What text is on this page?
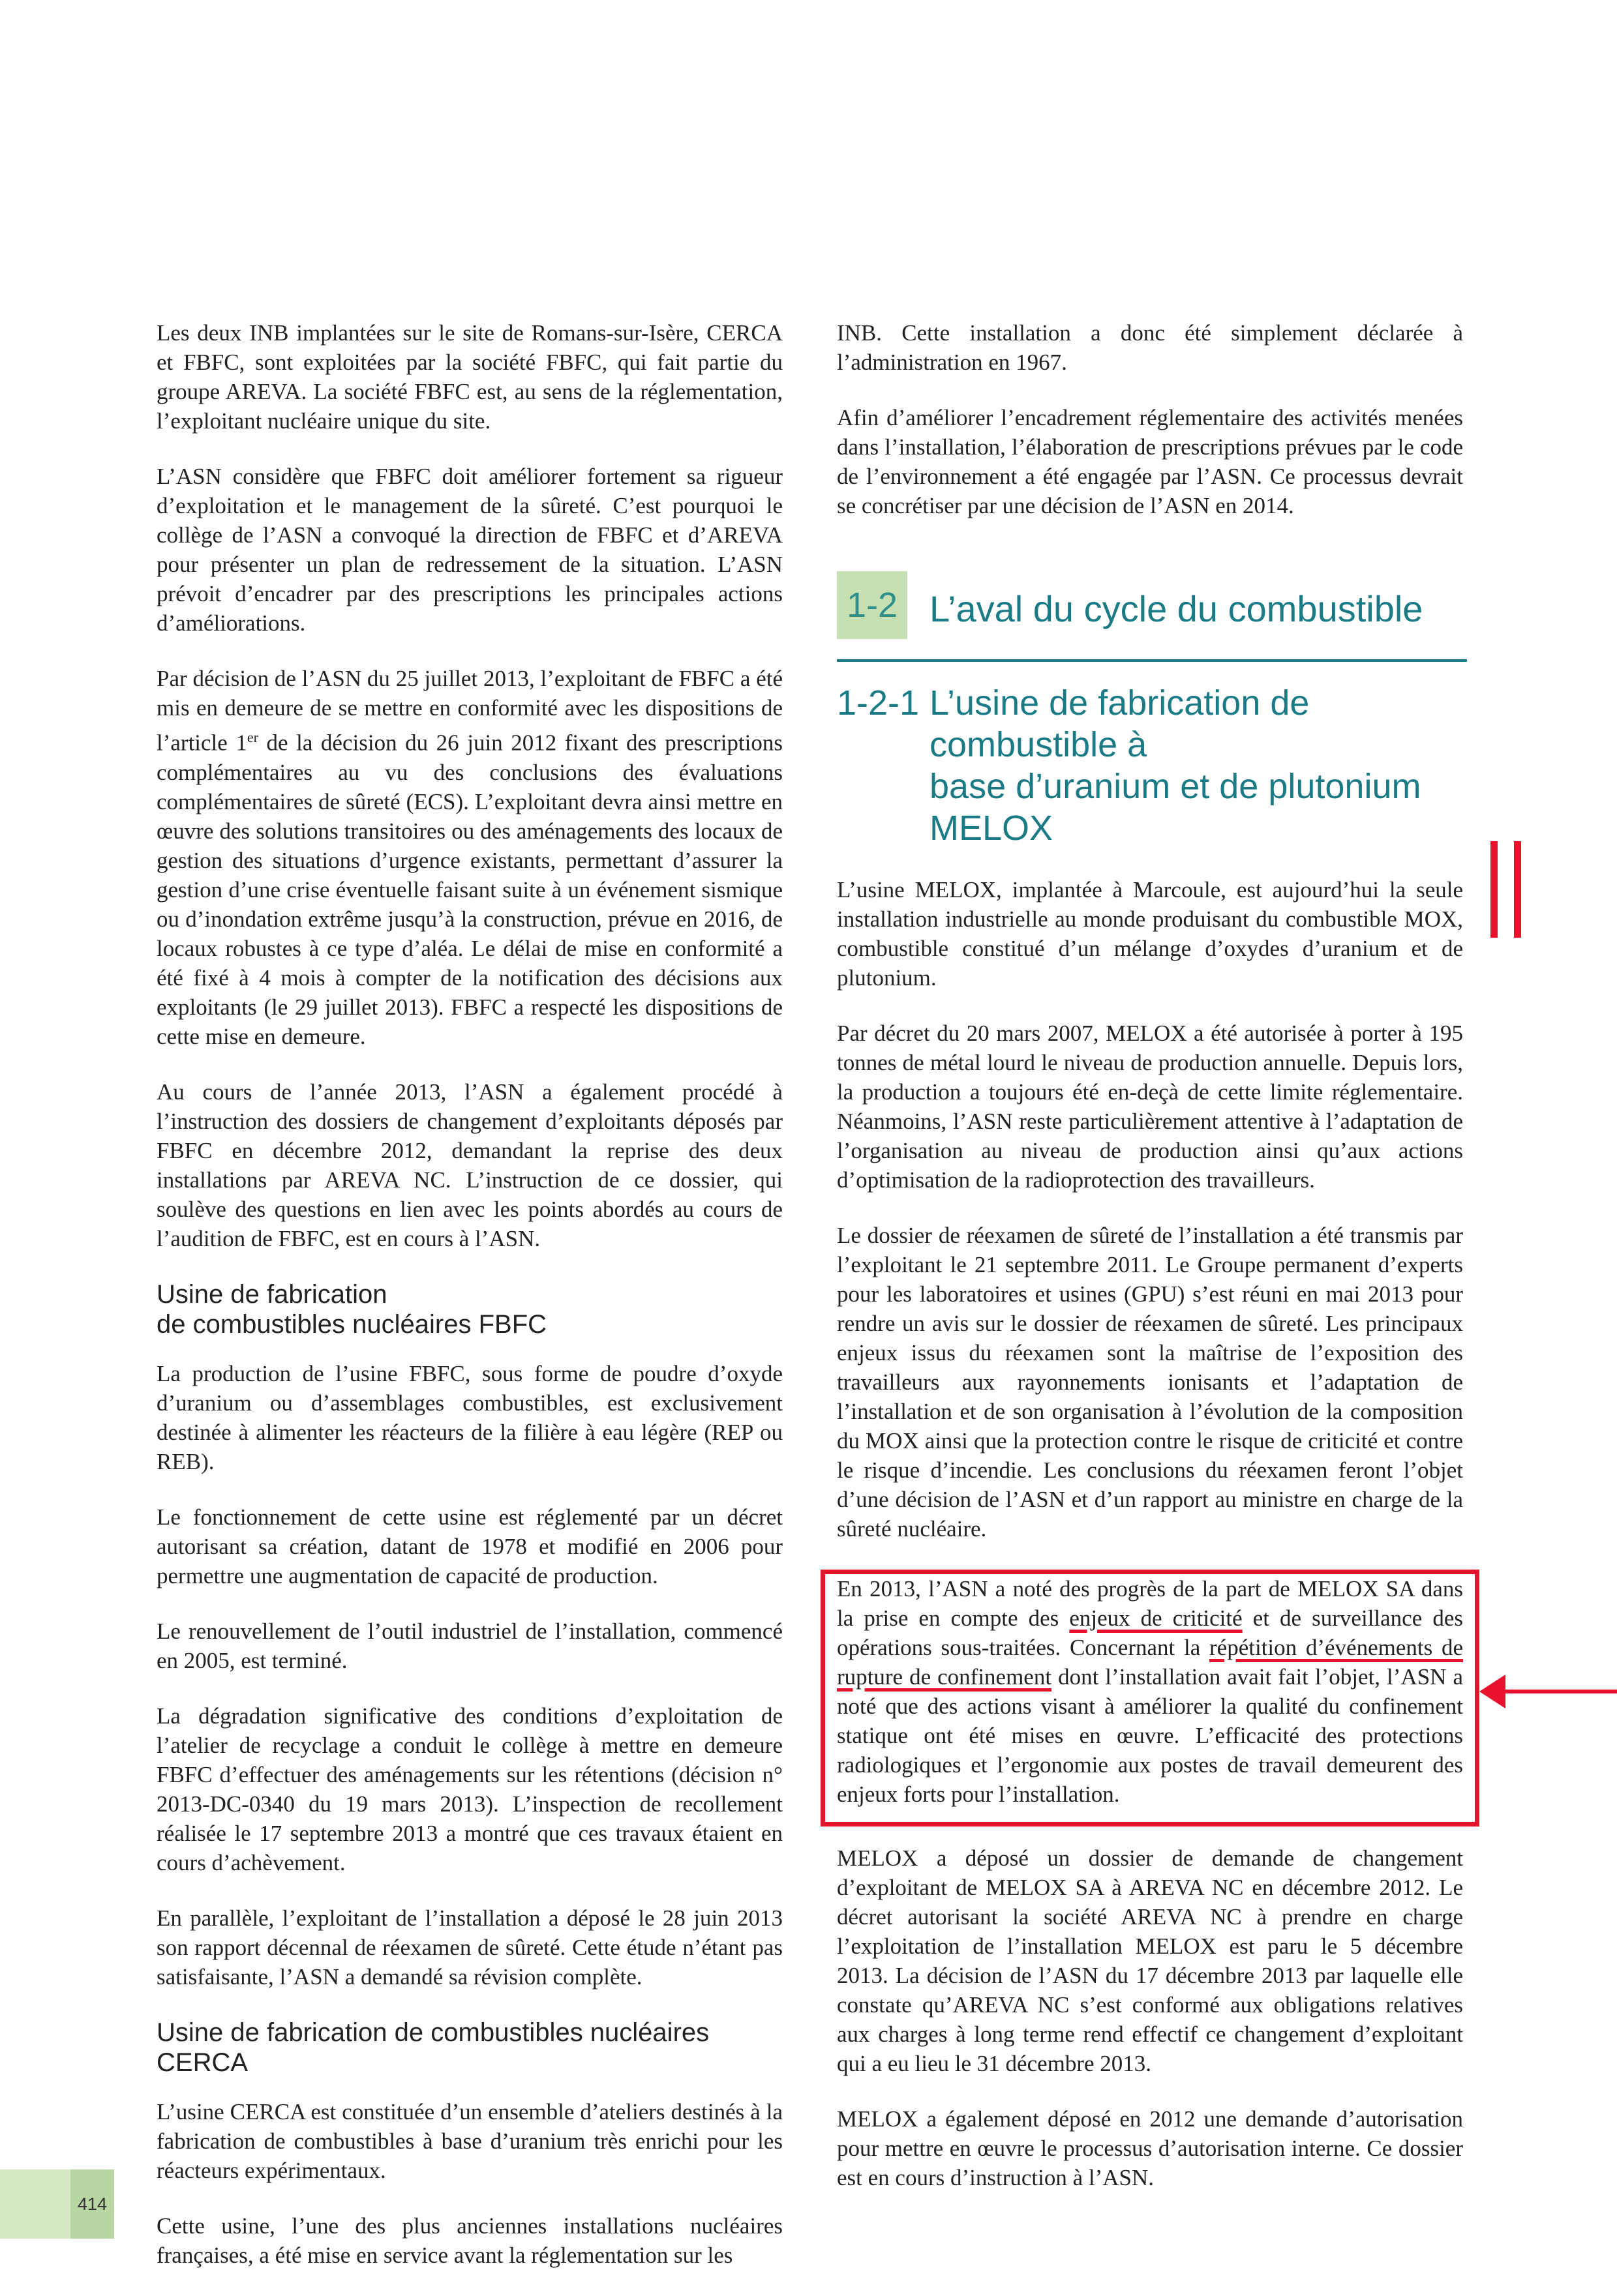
Les deux INB implantées sur le site de Romans-sur-Isère, CERCA et FBFC, sont exploitées par la société FBFC, qui fait partie du groupe AREVA. La société FBFC est, au sens de la réglementation, l’exploitant nucléaire unique du site.

L’ASN considère que FBFC doit améliorer fortement sa rigueur d’exploitation et le management de la sûreté. C’est pourquoi le collège de l’ASN a convoqué la direction de FBFC et d’AREVA pour présenter un plan de redressement de la situation. L’ASN prévoit d’encadrer par des prescriptions les principales actions d’améliorations.

Par décision de l’ASN du 25 juillet 2013, l’exploitant de FBFC a été mis en demeure de se mettre en conformité avec les dispositions de l’article 1er de la décision du 26 juin 2012 fixant des prescriptions complémentaires au vu des conclusions des évaluations complémentaires de sûreté (ECS). L’exploitant devra ainsi mettre en œuvre des solutions transitoires ou des aménagements des locaux de gestion des situations d’urgence existants, permettant d’assurer la gestion d’une crise éventuelle faisant suite à un événement sismique ou d’inondation extrême jusqu’à la construction, prévue en 2016, de locaux robustes à ce type d’aléa. Le délai de mise en conformité a été fixé à 4 mois à compter de la notification des décisions aux exploitants (le 29 juillet 2013). FBFC a respecté les dispositions de cette mise en demeure.

Au cours de l’année 2013, l’ASN a également procédé à l’instruction des dossiers de changement d’exploitants déposés par FBFC en décembre 2012, demandant la reprise des deux installations par AREVA NC. L’instruction de ce dossier, qui soulève des questions en lien avec les points abordés au cours de l’audition de FBFC, est en cours à l’ASN.

Usine de fabrication
de combustibles nucléaires FBFC

La production de l’usine FBFC, sous forme de poudre d’oxyde d’uranium ou d’assemblages combustibles, est exclusivement destinée à alimenter les réacteurs de la filière à eau légère (REP ou REB).

Le fonctionnement de cette usine est réglementé par un décret autorisant sa création, datant de 1978 et modifié en 2006 pour permettre une augmentation de capacité de production.

Le renouvellement de l’outil industriel de l’installation, commencé en 2005, est terminé.

La dégradation significative des conditions d’exploitation de l’atelier de recyclage a conduit le collège à mettre en demeure FBFC d’effectuer des aménagements sur les rétentions (décision n° 2013-DC-0340 du 19 mars 2013). L’inspection de recollement réalisée le 17 septembre 2013 a montré que ces travaux étaient en cours d’achèvement.

En parallèle, l’exploitant de l’installation a déposé le 28 juin 2013 son rapport décennal de réexamen de sûreté. Cette étude n’étant pas satisfaisante, l’ASN a demandé sa révision complète.

Usine de fabrication de combustibles nucléaires
CERCA

L’usine CERCA est constituée d’un ensemble d’ateliers destinés à la fabrication de combustibles à base d’uranium très enrichi pour les réacteurs expérimentaux.

Cette usine, l’une des plus anciennes installations nucléaires françaises, a été mise en service avant la réglementation sur les

INB. Cette installation a donc été simplement déclarée à l’administration en 1967.

Afin d’améliorer l’encadrement réglementaire des activités menées dans l’installation, l’élaboration de prescriptions prévues par le code de l’environnement a été engagée par l’ASN. Ce processus devrait se concrétiser par une décision de l’ASN en 2014.

1-2 L’aval du cycle du combustible
1-2-1 L’usine de fabrication de combustible à
base d’uranium et de plutonium MELOX

L’usine MELOX, implantée à Marcoule, est aujourd’hui la seule installation industrielle au monde produisant du combustible MOX, combustible constitué d’un mélange d’oxydes d’uranium et de plutonium.

Par décret du 20 mars 2007, MELOX a été autorisée à porter à 195 tonnes de métal lourd le niveau de production annuelle. Depuis lors, la production a toujours été en-deçà de cette limite réglementaire. Néanmoins, l’ASN reste particulièrement attentive à l’adaptation de l’organisation au niveau de production ainsi qu’aux actions d’optimisation de la radioprotection des travailleurs.

Le dossier de réexamen de sûreté de l’installation a été transmis par l’exploitant le 21 septembre 2011. Le Groupe permanent d’experts pour les laboratoires et usines (GPU) s’est réuni en mai 2013 pour rendre un avis sur le dossier de réexamen de sûreté. Les principaux enjeux issus du réexamen sont la maîtrise de l’exposition des travailleurs aux rayonnements ionisants et l’adaptation de l’installation et de son organisation à l’évolution de la composition du MOX ainsi que la protection contre le risque de criticité et contre le risque d’incendie. Les conclusions du réexamen feront l’objet d’une décision de l’ASN et d’un rapport au ministre en charge de la sûreté nucléaire.

En 2013, l’ASN a noté des progrès de la part de MELOX SA dans la prise en compte des enjeux de criticité et de surveillance des opérations sous-traitées. Concernant la répétition d’événements de rupture de confinement dont l’installation avait fait l’objet, l’ASN a noté que des actions visant à améliorer la qualité du confinement statique ont été mises en œuvre. L’efficacité des protections radiologiques et l’ergonomie aux postes de travail demeurent des enjeux forts pour l’installation.

MELOX a déposé un dossier de demande de changement d’exploitant de MELOX SA à AREVA NC en décembre 2012. Le décret autorisant la société AREVA NC à prendre en charge l’exploitation de l’installation MELOX est paru le 5 décembre 2013. La décision de l’ASN du 17 décembre 2013 par laquelle elle constate qu’AREVA NC s’est conformé aux obligations relatives aux charges à long terme rend effectif ce changement d’exploitant qui a eu lieu le 31 décembre 2013.

MELOX a également déposé en 2012 une demande d’autorisation pour mettre en œuvre le processus d’autorisation interne. Ce dossier est en cours d’instruction à l’ASN.

414
